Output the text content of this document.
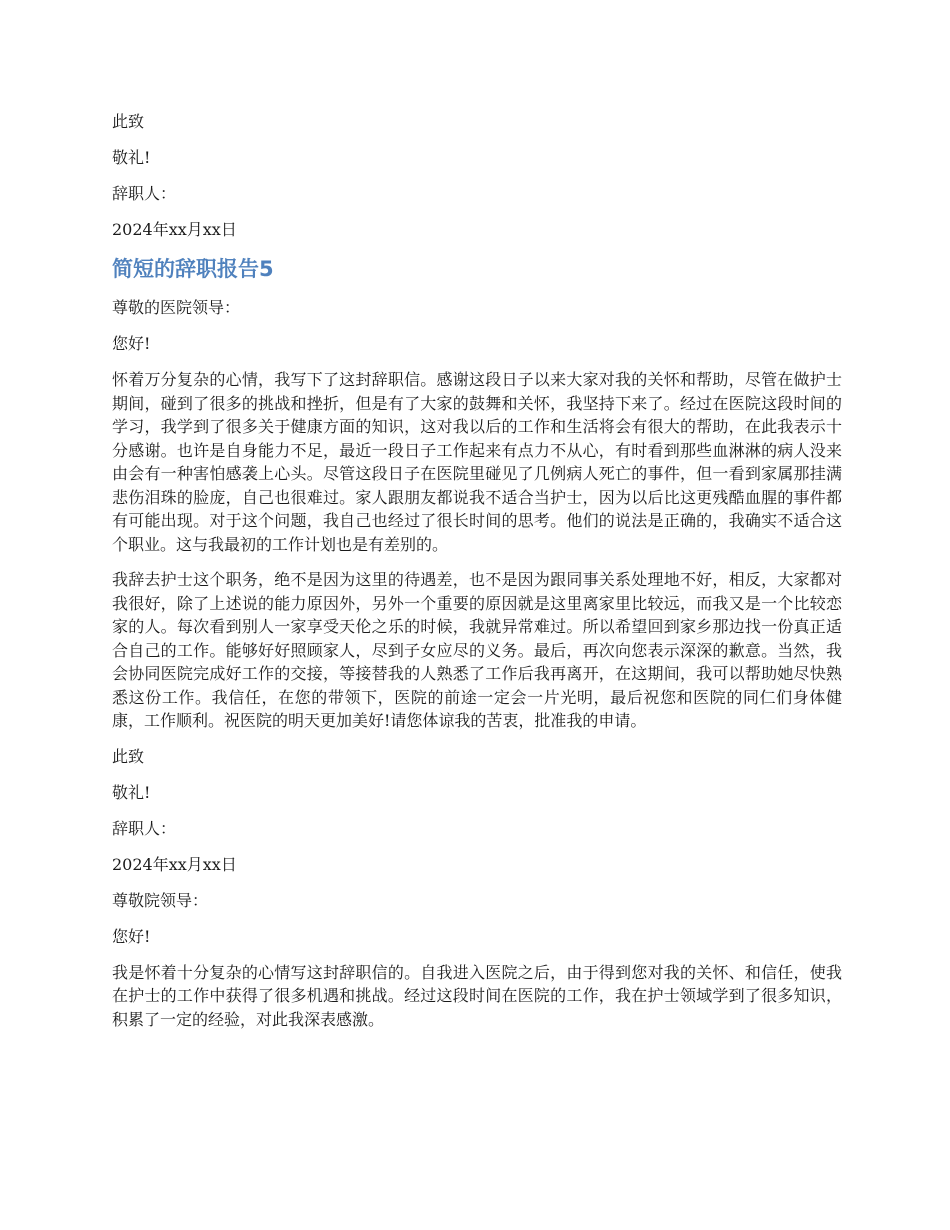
此致

敬礼!

辞职人：

2024年xx月xx日

简短的辞职报告5

尊敬的医院领导：

您好!

怀着万分复杂的心情，我写下了这封辞职信。感谢这段日子以来大家对我的关怀和帮助，尽管在做护士期间，碰到了很多的挑战和挫折，但是有了大家的鼓舞和关怀，我坚持下来了。经过在医院这段时间的学习，我学到了很多关于健康方面的知识，这对我以后的工作和生活将会有很大的帮助，在此我表示十分感谢。也许是自身能力不足，最近一段日子工作起来有点力不从心，有时看到那些血淋淋的病人没来由会有一种害怕感袭上心头。尽管这段日子在医院里碰见了几例病人死亡的事件，但一看到家属那挂满悲伤泪珠的脸庞，自己也很难过。家人跟朋友都说我不适合当护士，因为以后比这更残酷血腥的事件都有可能出现。对于这个问题，我自己也经过了很长时间的思考。他们的说法是正确的，我确实不适合这个职业。这与我最初的工作计划也是有差别的。

我辞去护士这个职务，绝不是因为这里的待遇差，也不是因为跟同事关系处理地不好，相反，大家都对我很好，除了上述说的能力原因外，另外一个重要的原因就是这里离家里比较远，而我又是一个比较恋家的人。每次看到别人一家享受天伦之乐的时候，我就异常难过。所以希望回到家乡那边找一份真正适合自己的工作。能够好好照顾家人，尽到子女应尽的义务。最后，再次向您表示深深的歉意。当然，我会协同医院完成好工作的交接，等接替我的人熟悉了工作后我再离开，在这期间，我可以帮助她尽快熟悉这份工作。我信任，在您的带领下，医院的前途一定会一片光明，最后祝您和医院的同仁们身体健康，工作顺利。祝医院的明天更加美好!请您体谅我的苦衷，批准我的申请。

此致

敬礼!

辞职人：

2024年xx月xx日

尊敬院领导：

您好!

我是怀着十分复杂的心情写这封辞职信的。自我进入医院之后，由于得到您对我的关怀、和信任，使我在护士的工作中获得了很多机遇和挑战。经过这段时间在医院的工作，我在护士领域学到了很多知识，积累了一定的经验，对此我深表感激。
